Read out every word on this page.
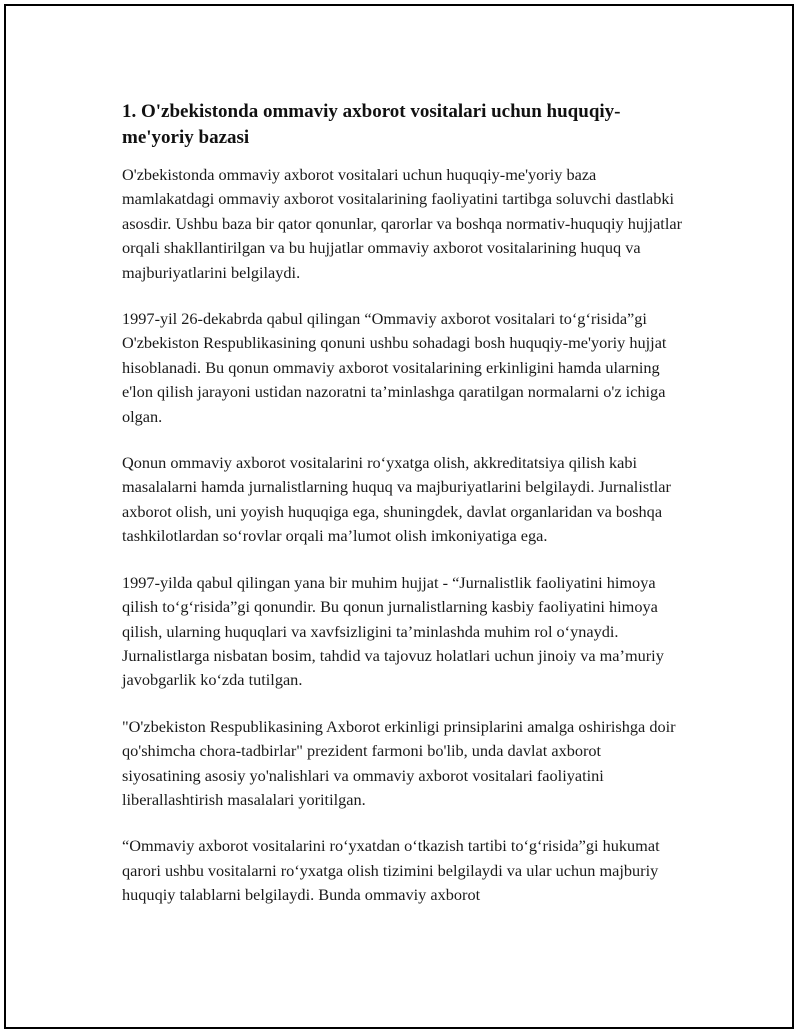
1. O'zbekistonda ommaviy axborot vositalari uchun huquqiy-me'yoriy bazasi

O'zbekistonda ommaviy axborot vositalari uchun huquqiy-me'yoriy baza mamlakatdagi ommaviy axborot vositalarining faoliyatini tartibga soluvchi dastlabki asosdir. Ushbu baza bir qator qonunlar, qarorlar va boshqa normativ-huquqiy hujjatlar orqali shakllantirilgan va bu hujjatlar ommaviy axborot vositalarining huquq va majburiyatlarini belgilaydi.

1997-yil 26-dekabrda qabul qilingan “Ommaviy axborot vositalari to‘g‘risida”gi O'zbekiston Respublikasining qonuni ushbu sohadagi bosh huquqiy-me'yoriy hujjat hisoblanadi. Bu qonun ommaviy axborot vositalarining erkinligini hamda ularning e'lon qilish jarayoni ustidan nazoratni ta’minlashga qaratilgan normalarni o'z ichiga olgan.

Qonun ommaviy axborot vositalarini ro‘yxatga olish, akkreditatsiya qilish kabi masalalarni hamda jurnalistlarning huquq va majburiyatlarini belgilaydi. Jurnalistlar axborot olish, uni yoyish huquqiga ega, shuningdek, davlat organlaridan va boshqa tashkilotlardan so‘rovlar orqali ma’lumot olish imkoniyatiga ega.

1997-yilda qabul qilingan yana bir muhim hujjat - “Jurnalistlik faoliyatini himoya qilish to‘g‘risida”gi qonundir. Bu qonun jurnalistlarning kasbiy faoliyatini himoya qilish, ularning huquqlari va xavfsizligini ta’minlashda muhim rol o‘ynaydi. Jurnalistlarga nisbatan bosim, tahdid va tajovuz holatlari uchun jinoiy va ma’muriy javobgarlik ko‘zda tutilgan.

"O'zbekiston Respublikasining Axborot erkinligi prinsiplarini amalga oshirishga doir qo'shimcha chora-tadbirlar" prezident farmoni bo'lib, unda davlat axborot siyosatining asosiy yo'nalishlari va ommaviy axborot vositalari faoliyatini liberallashtirish masalalari yoritilgan.

“Ommaviy axborot vositalarini ro‘yxatdan o‘tkazish tartibi to‘g‘risida”gi hukumat qarori ushbu vositalarni ro‘yxatga olish tizimini belgilaydi va ular uchun majburiy huquqiy talablarni belgilaydi. Bunda ommaviy axborot
